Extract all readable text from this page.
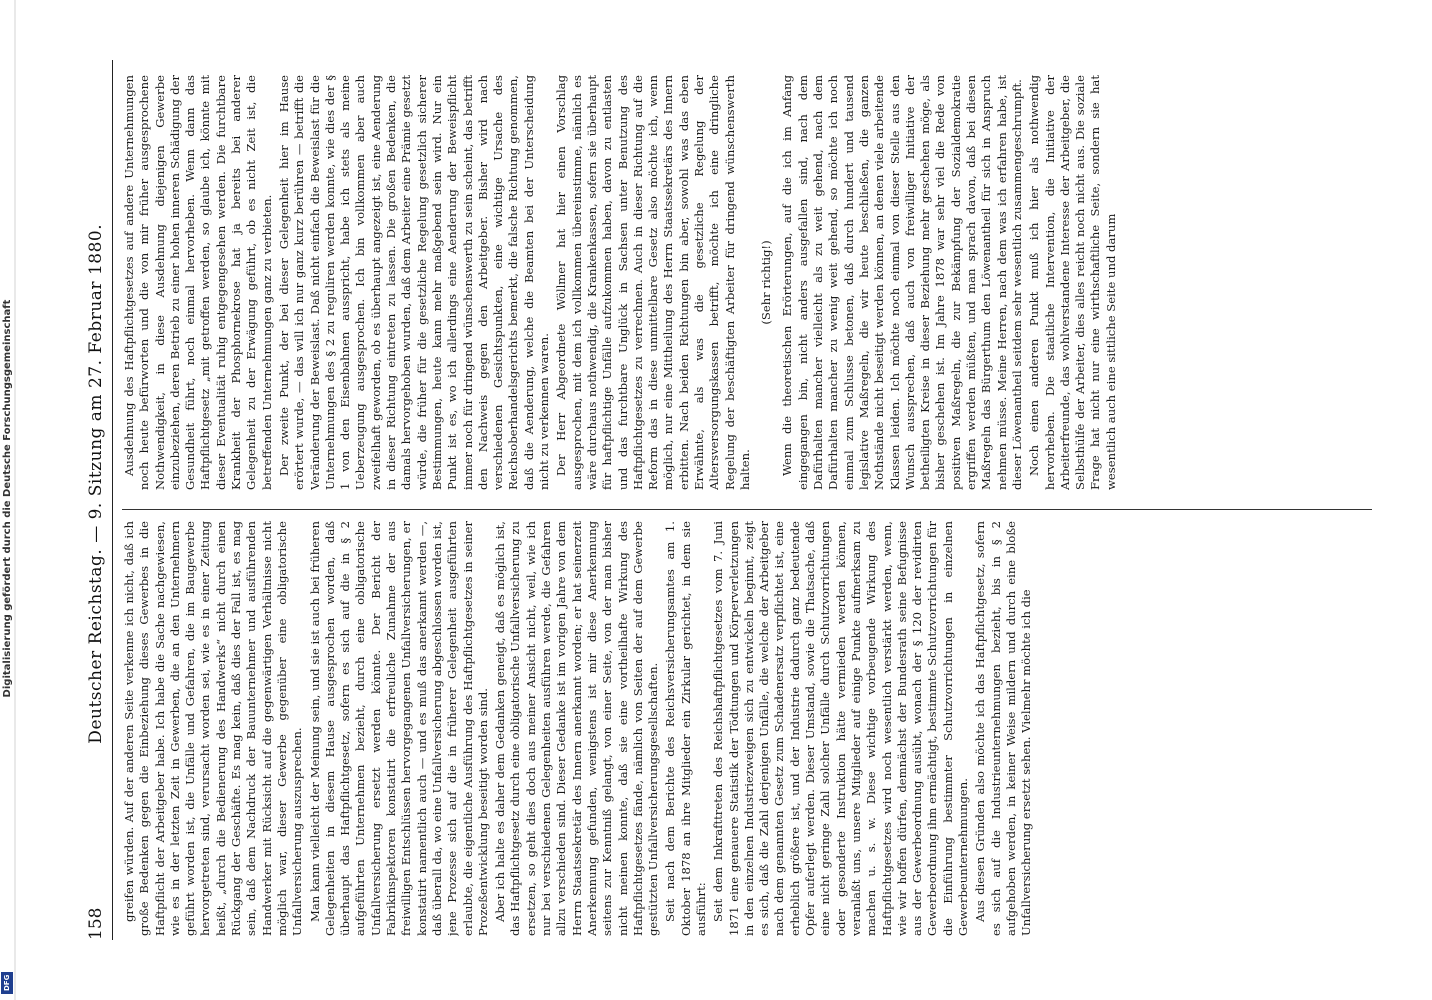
Digitalisierung gefördert durch die Deutsche Forschungsgemeinschaft
DFG
158
Deutscher Reichstag. — 9. Sitzung am 27. Februar 1880. greifen würden. Auf der anderen Seite verkenne ich nicht, daß ich große Bedenken gegen die Einbeziehung dieses Gewerbes in die Haftpflicht der Arbeitgeber habe. Ich habe die Sache nachgewiesen, wie es in der letzten Zeit in Gewerben, die an den Unternehmern geführt worden ist, die Unfälle und Gefahren, die im Baugewerbe hervorgetreten sind, verursacht worden sei, wie es in einer Zeitung heißt, „durch die Bedienerung des Handwerks“ nicht durch einen Rückgang der Geschäfte. Es mag kein, daß dies der Fall ist, es mag sein, daß dem Nachdruck der Bauunternehmer und ausführenden Handwerker mit Rücksicht auf die gegenwärtigen Verhältnisse nicht möglich war, dieser Gewerbe gegenüber eine obligatorische Unfallversicherung auszusprechen. Man kann vielleicht der Meinung sein, und sie ist auch bei früheren Gelegenheiten in diesem Hause ausgesprochen worden, daß überhaupt das Haftpflichtgesetz, sofern es sich auf die in § 2 aufgeführten Unternehmen bezieht, durch eine obligatorische Unfallversicherung ersetzt werden könnte. Der Bericht der Fabrikinspektoren konstatirt die erfreuliche Zunahme der aus freiwilligen Entschlüssen hervorgegangenen Unfallversicherungen, er konstatirt namentlich auch — und es muß das anerkannt werden —, daß überall da, wo eine Unfallversicherung abgeschlossen worden ist, jene Prozesse sich auf die in früherer Gelegenheit ausgeführten erlaubte, die eigentliche Ausführung des Haftpflichtgesetzes in seiner Prozeßentwicklung beseitigt worden sind. Aber ich halte es daher dem Gedanken geneigt, daß es möglich ist, das Haftpflichtgesetz durch eine obligatorische Unfallversicherung zu ersetzen, so geht dies doch aus meiner Ansicht nicht, weil, wie ich nur bei verschiedenen Gelegenheiten ausführen werde, die Gefahren allzu verschieden sind. Dieser Gedanke ist im vorigen Jahre von dem Herrn Staatssekretär des Innern anerkannt worden; er hat seinerzeit Anerkennung gefunden, wenigstens ist mir diese Anerkennung seitens zur Kenntniß gelangt, von einer Seite, von der man bisher nicht meinen konnte, daß sie eine vortheilhafte Wirkung des Haftpflichtgesetzes fände, nämlich von Seiten der auf dem Gewerbe gestützten Unfallversicherungsgesellschaften. Seit nach dem Berichte des Reichsversicherungsamtes am 1. Oktober 1878 an ihre Mitglieder ein Zirkular gerichtet, in dem sie ausführt: Seit dem Inkrafttreten des Reichshaftpflichtgesetzes vom 7. Juni 1871 eine genauere Statistik der Tödtungen und Körperverletzungen in den einzelnen Industriezweigen sich zu entwickeln beginnt, zeigt es sich, daß die Zahl derjenigen Unfälle, die welche der Arbeitgeber nach dem genannten Gesetz zum Schadenersatz verpflichtet ist, eine erheblich größere ist, und der Industrie dadurch ganz bedeutende Opfer auferlegt werden. Dieser Umstand, sowie die Thatsache, daß eine nicht geringe Zahl solcher Unfälle durch Schutzvorrichtungen oder gesonderte Instruktion hätte vermieden werden können, veranlaßt uns, unsere Mitglieder auf einige Punkte aufmerksam zu machen u. s. w. Diese wichtige vorbeugende Wirkung des Haftpflichtgesetzes wird noch wesentlich verstärkt werden, wenn, wie wir hoffen dürfen, demnächst der Bundesrath seine Befugnisse aus der Gewerbeordnung ausübt, wonach der § 120 der revidirten Gewerbeordnung ihm ermächtigt, bestimmte Schutzvorrichtungen für die Einführung bestimmter Schutzvorrichtungen in einzelnen Gewerbeunternehmungen. Aus diesen Gründen also möchte ich das Haftpflichtgesetz, sofern es sich auf die Industrieunternehmungen bezieht, bis in § 2 aufgehoben werden, in keiner Weise mildern und durch eine bloße Unfallversicherung ersetzt sehen. Vielmehr möchte ich die

Ausdehnung des Haftpflichtgesetzes auf andere Unternehmungen noch heute befürworten und die von mir früher ausgesprochene Nothwendigkeit, in diese Ausdehnung diejenigen Gewerbe einzubeziehen, deren Betrieb zu einer hohen inneren Schädigung der Gesundheit führt, noch einmal hervorheben. Wenn dann das Haftpflichtgesetz „mit getroffen werden, so glaube ich, könnte mit dieser Eventualität ruhig entgegengesehen werden. Die furchtbare Krankheit der Phosphornekrose hat ja bereits bei anderer Gelegenheit zu der Erwägung geführt, ob es nicht Zeit ist, die betreffenden Unternehmungen ganz zu verbieten. Der zweite Punkt, der bei dieser Gelegenheit hier im Hause erörtert wurde, — das will ich nur ganz kurz berühren — betrifft die Veränderung der Beweislast. Daß nicht einfach die Beweislast für die Unternehmungen des § 2 zu reguliren werden konnte, wie dies der § 1 von den Eisenbahnen ausspricht, habe ich stets als meine Ueberzeugung ausgesprochen. Ich bin vollkommen aber auch zweifelhaft geworden, ob es überhaupt angezeigt ist, eine Aenderung in dieser Richtung eintreten zu lassen. Die großen Bedenken, die damals hervorgehoben wurden, daß dem Arbeiter eine Prämie gesetzt würde, die früher für die gesetzliche Regelung gesetzlich sicherer Bestimmungen, heute kann mehr maßgebend sein wird. Nur ein Punkt ist es, wo ich allerdings eine Aenderung der Beweispflicht immer noch für dringend wünschenswerth zu sein scheint, das betrifft den Nachweis gegen den Arbeitgeber. Bisher wird nach verschiedenen Gesichtspunkten, eine wichtige Ursache des Reichsoberhandelsgerichts bemerkt, die falsche Richtung genommen, daß die Aenderung, welche die Beamten bei der Unterscheidung nicht zu verkennen waren. Der Herr Abgeordnete Wöllmer hat hier einen Vorschlag ausgesprochen, mit dem ich vollkommen übereinstimme, nämlich es wäre durchaus nothwendig, die Krankenkassen, sofern sie überhaupt für haftpflichtige Unfälle aufzukommen haben, davon zu entlasten und das furchtbare Unglück in Sachsen unter Benutzung des Haftpflichtgesetzes zu verrechnen. Auch in dieser Richtung auf die Reform das in diese unmittelbare Gesetz also möchte ich, wenn möglich, nur eine Mittheilung des Herrn Staatssekretärs des Innern erbitten. Nach beiden Richtungen bin aber, sowohl was das eben Erwähnte, als was die gesetzliche Regelung der Altersversorgungskassen betrifft, möchte ich eine dringliche Regelung der beschäftigten Arbeiter für dringend wünschenswerth halten.

(Sehr richtig!) Wenn die theoretischen Erörterungen, auf die ich im Anfang eingegangen bin, nicht anders ausgefallen sind, nach dem Dafürhalten mancher vielleicht als zu weit gehend, nach dem Dafürhalten mancher zu wenig weit gehend, so möchte ich noch einmal zum Schlusse betonen, daß durch hundert und tausend legislative Maßregeln, die wir heute beschließen, die ganzen Nothstände nicht beseitigt werden können, an denen viele arbeitende Klassen leiden. Ich möchte noch einmal von dieser Stelle aus den Wunsch aussprechen, daß auch von freiwilliger Initiative der betheiligten Kreise in dieser Beziehung mehr geschehen möge, als bisher geschehen ist. Im Jahre 1878 war sehr viel die Rede von positiven Maßregeln, die zur Bekämpfung der Sozialdemokratie ergriffen werden müßten, und man sprach davon, daß bei diesen Maßregeln das Bürgerthum den Löwenantheil für sich in Anspruch nehmen müsse. Meine Herren, nach dem was ich erfahren habe, ist dieser Löwenantheil seitdem sehr wesentlich zusammengeschrumpft. Noch einen anderen Punkt muß ich hier als nothwendig hervorheben. Die staatliche Intervention, die Initiative der Arbeiterfreunde, das wohlverstandene Interesse der Arbeitgeber, die Selbsthülfe der Arbeiter, dies alles reicht noch nicht aus. Die soziale Frage hat nicht nur eine wirthschaftliche Seite, sondern sie hat wesentlich auch eine sittliche Seite und darum
